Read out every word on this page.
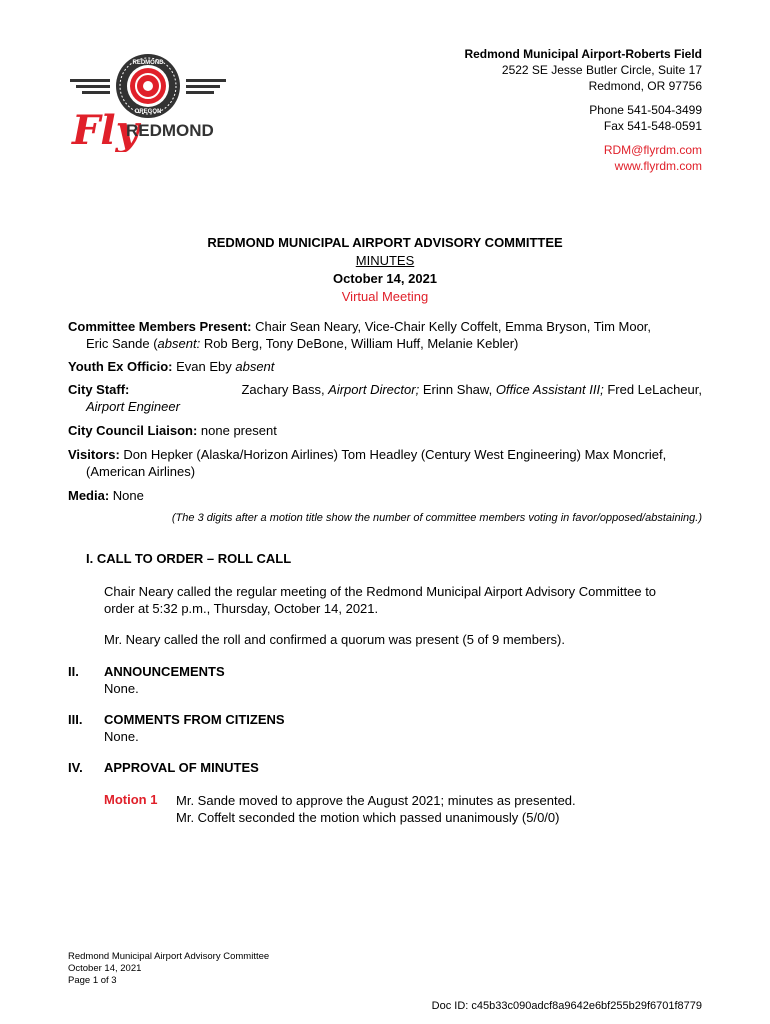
REDMOND
OREGON
Fly
REDMOND
Redmond Municipal Airport-Roberts Field
2522 SE Jesse Butler Circle, Suite 17
Redmond, OR 97756
Phone 541-504-3499
Fax 541-548-0591
RDM@flyrdm.com
www.flyrdm.com
REDMOND MUNICIPAL AIRPORT ADVISORY COMMITTEE
MINUTES
October 14, 2021
Virtual Meeting
Committee Members Present: Chair Sean Neary, Vice-Chair Kelly Coffelt, Emma Bryson, Tim Moor,
Eric Sande (absent: Rob Berg, Tony DeBone, William Huff, Melanie Kebler)
Youth Ex Officio: Evan Eby absent
City Staff:	Zachary Bass, Airport Director; Erinn Shaw, Office Assistant III; Fred LeLacheur,
Airport Engineer
City Council Liaison: none present
Visitors: Don Hepker (Alaska/Horizon Airlines) Tom Headley (Century West Engineering) Max Moncrief,
(American Airlines)
Media: None
(The 3 digits after a motion title show the number of committee members voting in favor/opposed/abstaining.)
I. CALL TO ORDER – ROLL CALL
Chair Neary called the regular meeting of the Redmond Municipal Airport Advisory Committee to
order at 5:32 p.m., Thursday, October 14, 2021.
Mr. Neary called the roll and confirmed a quorum was present (5 of 9 members).
II. ANNOUNCEMENTS
None.
III. COMMENTS FROM CITIZENS
None.
IV. APPROVAL OF MINUTES
Motion 1 Mr. Sande moved to approve the August 2021; minutes as presented.
Mr. Coffelt seconded the motion which passed unanimously (5/0/0)
Redmond Municipal Airport Advisory Committee
October 14, 2021
Page 1 of 3
Doc ID: c45b33c090adcf8a9642e6bf255b29f6701f8779
